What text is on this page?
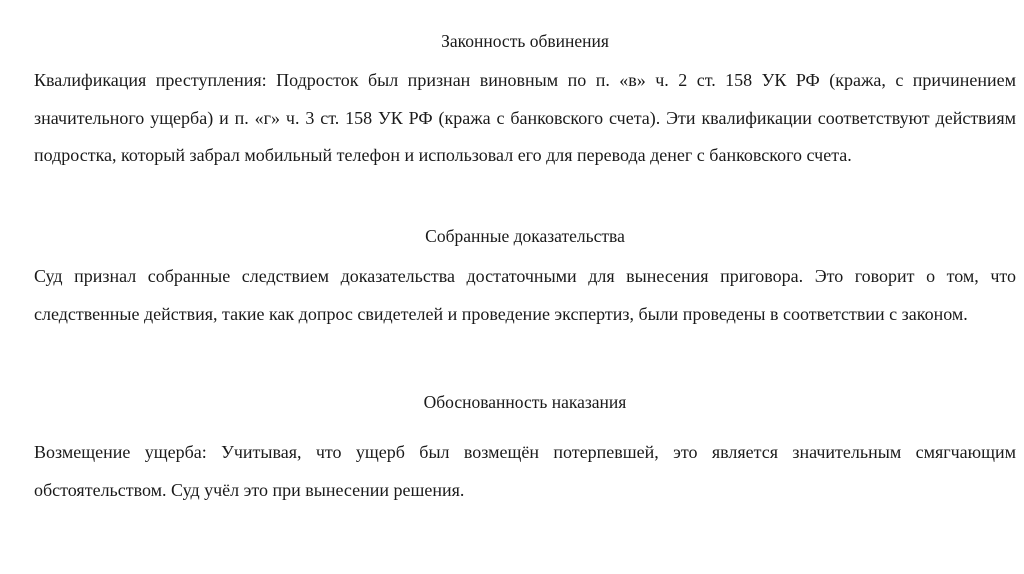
Законность обвинения

Квалификация преступления: Подросток был признан виновным по п. «в» ч. 2 ст. 158 УК РФ (кража, с причинением значительного ущерба) и п. «г» ч. 3 ст. 158 УК РФ (кража с банковского счета). Эти квалификации соответствуют действиям подростка, который забрал мобильный телефон и использовал его для перевода денег с банковского счета.

Собранные доказательства

Суд признал собранные следствием доказательства достаточными для вынесения приговора. Это говорит о том, что следственные действия, такие как допрос свидетелей и проведение экспертиз, были проведены в соответствии с законом.

Обоснованность наказания

Возмещение ущерба: Учитывая, что ущерб был возмещён потерпевшей, это является значительным смягчающим обстоятельством. Суд учёл это при вынесении решения.
